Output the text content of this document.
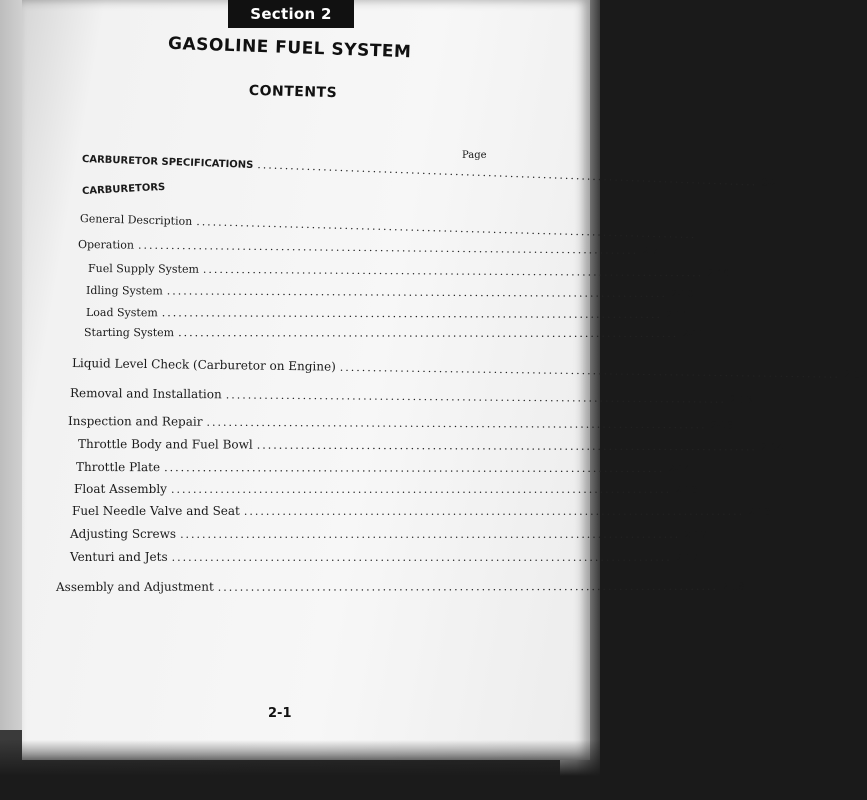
Section 2
GASOLINE FUEL SYSTEM
CONTENTS
Page
CARBURETOR SPECIFICATIONS ........................................................................................... 2-2
CARBURETORS
General Description ...........................................................................................
Operation ........................................................................................... 2-7
Fuel Supply System ........................................................................................... 2-10
Idling System ........................................................................................... 2-10
Load System ........................................................................................... 2-11
Starting System ........................................................................................... 2-11
Liquid Level Check (Carburetor on Engine) ........................................................................................... 2-12
Removal and Installation ........................................................................................... 2-13
Inspection and Repair ........................................................................................... 2-13
Throttle Body and Fuel Bowl ........................................................................................... 2-14
Throttle Plate ........................................................................................... 2-14
Float Assembly ........................................................................................... 2-16
Fuel Needle Valve and Seat ........................................................................................... 2-16
Adjusting Screws ........................................................................................... 2-17
Venturi and Jets ........................................................................................... 2-17
Assembly and Adjustment ........................................................................................... 2-18
2-1
